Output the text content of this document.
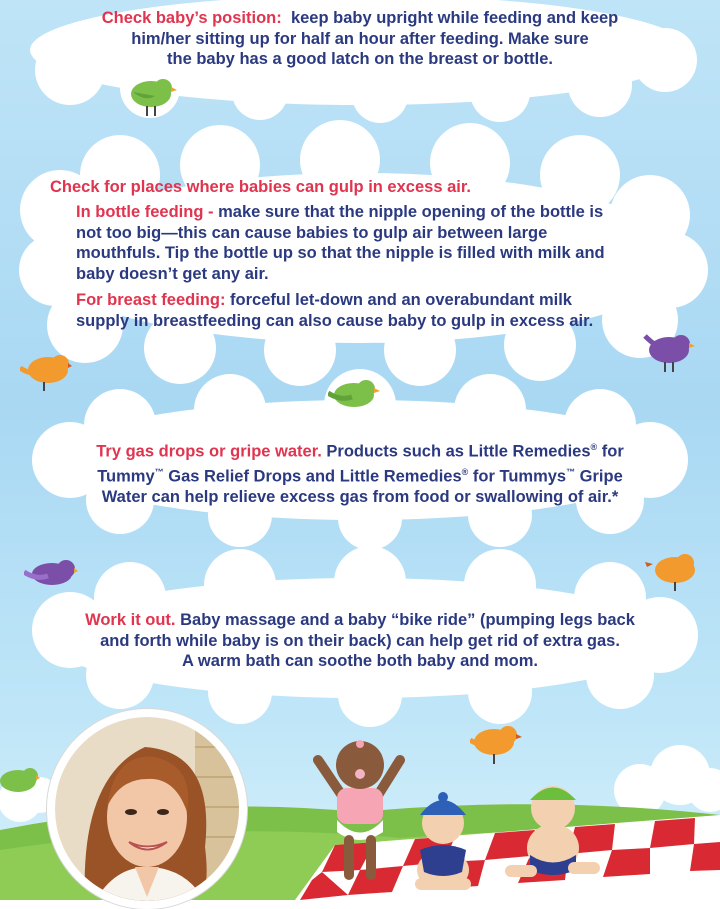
Check baby’s position: keep baby upright while feeding and keep
him/her sitting up for half an hour after feeding. Make sure
the baby has a good latch on the breast or bottle.

Check for places where babies can gulp in excess air.

In bottle feeding - make sure that the nipple opening of the bottle is
not too big—this can cause babies to gulp air between large
mouthfuls. Tip the bottle up so that the nipple is filled with milk and
baby doesn’t get any air.

For breast feeding: forceful let-down and an overabundant milk
supply in breastfeeding can also cause baby to gulp in excess air.

Try gas drops or gripe water. Products such as Little Remedies® for
Tummy™ Gas Relief Drops and Little Remedies® for Tummys™ Gripe
Water can help relieve excess gas from food or swallowing of air.*

Work it out. Baby massage and a baby “bike ride” (pumping legs back
and forth while baby is on their back) can help get rid of extra gas.
A warm bath can soothe both baby and mom.
